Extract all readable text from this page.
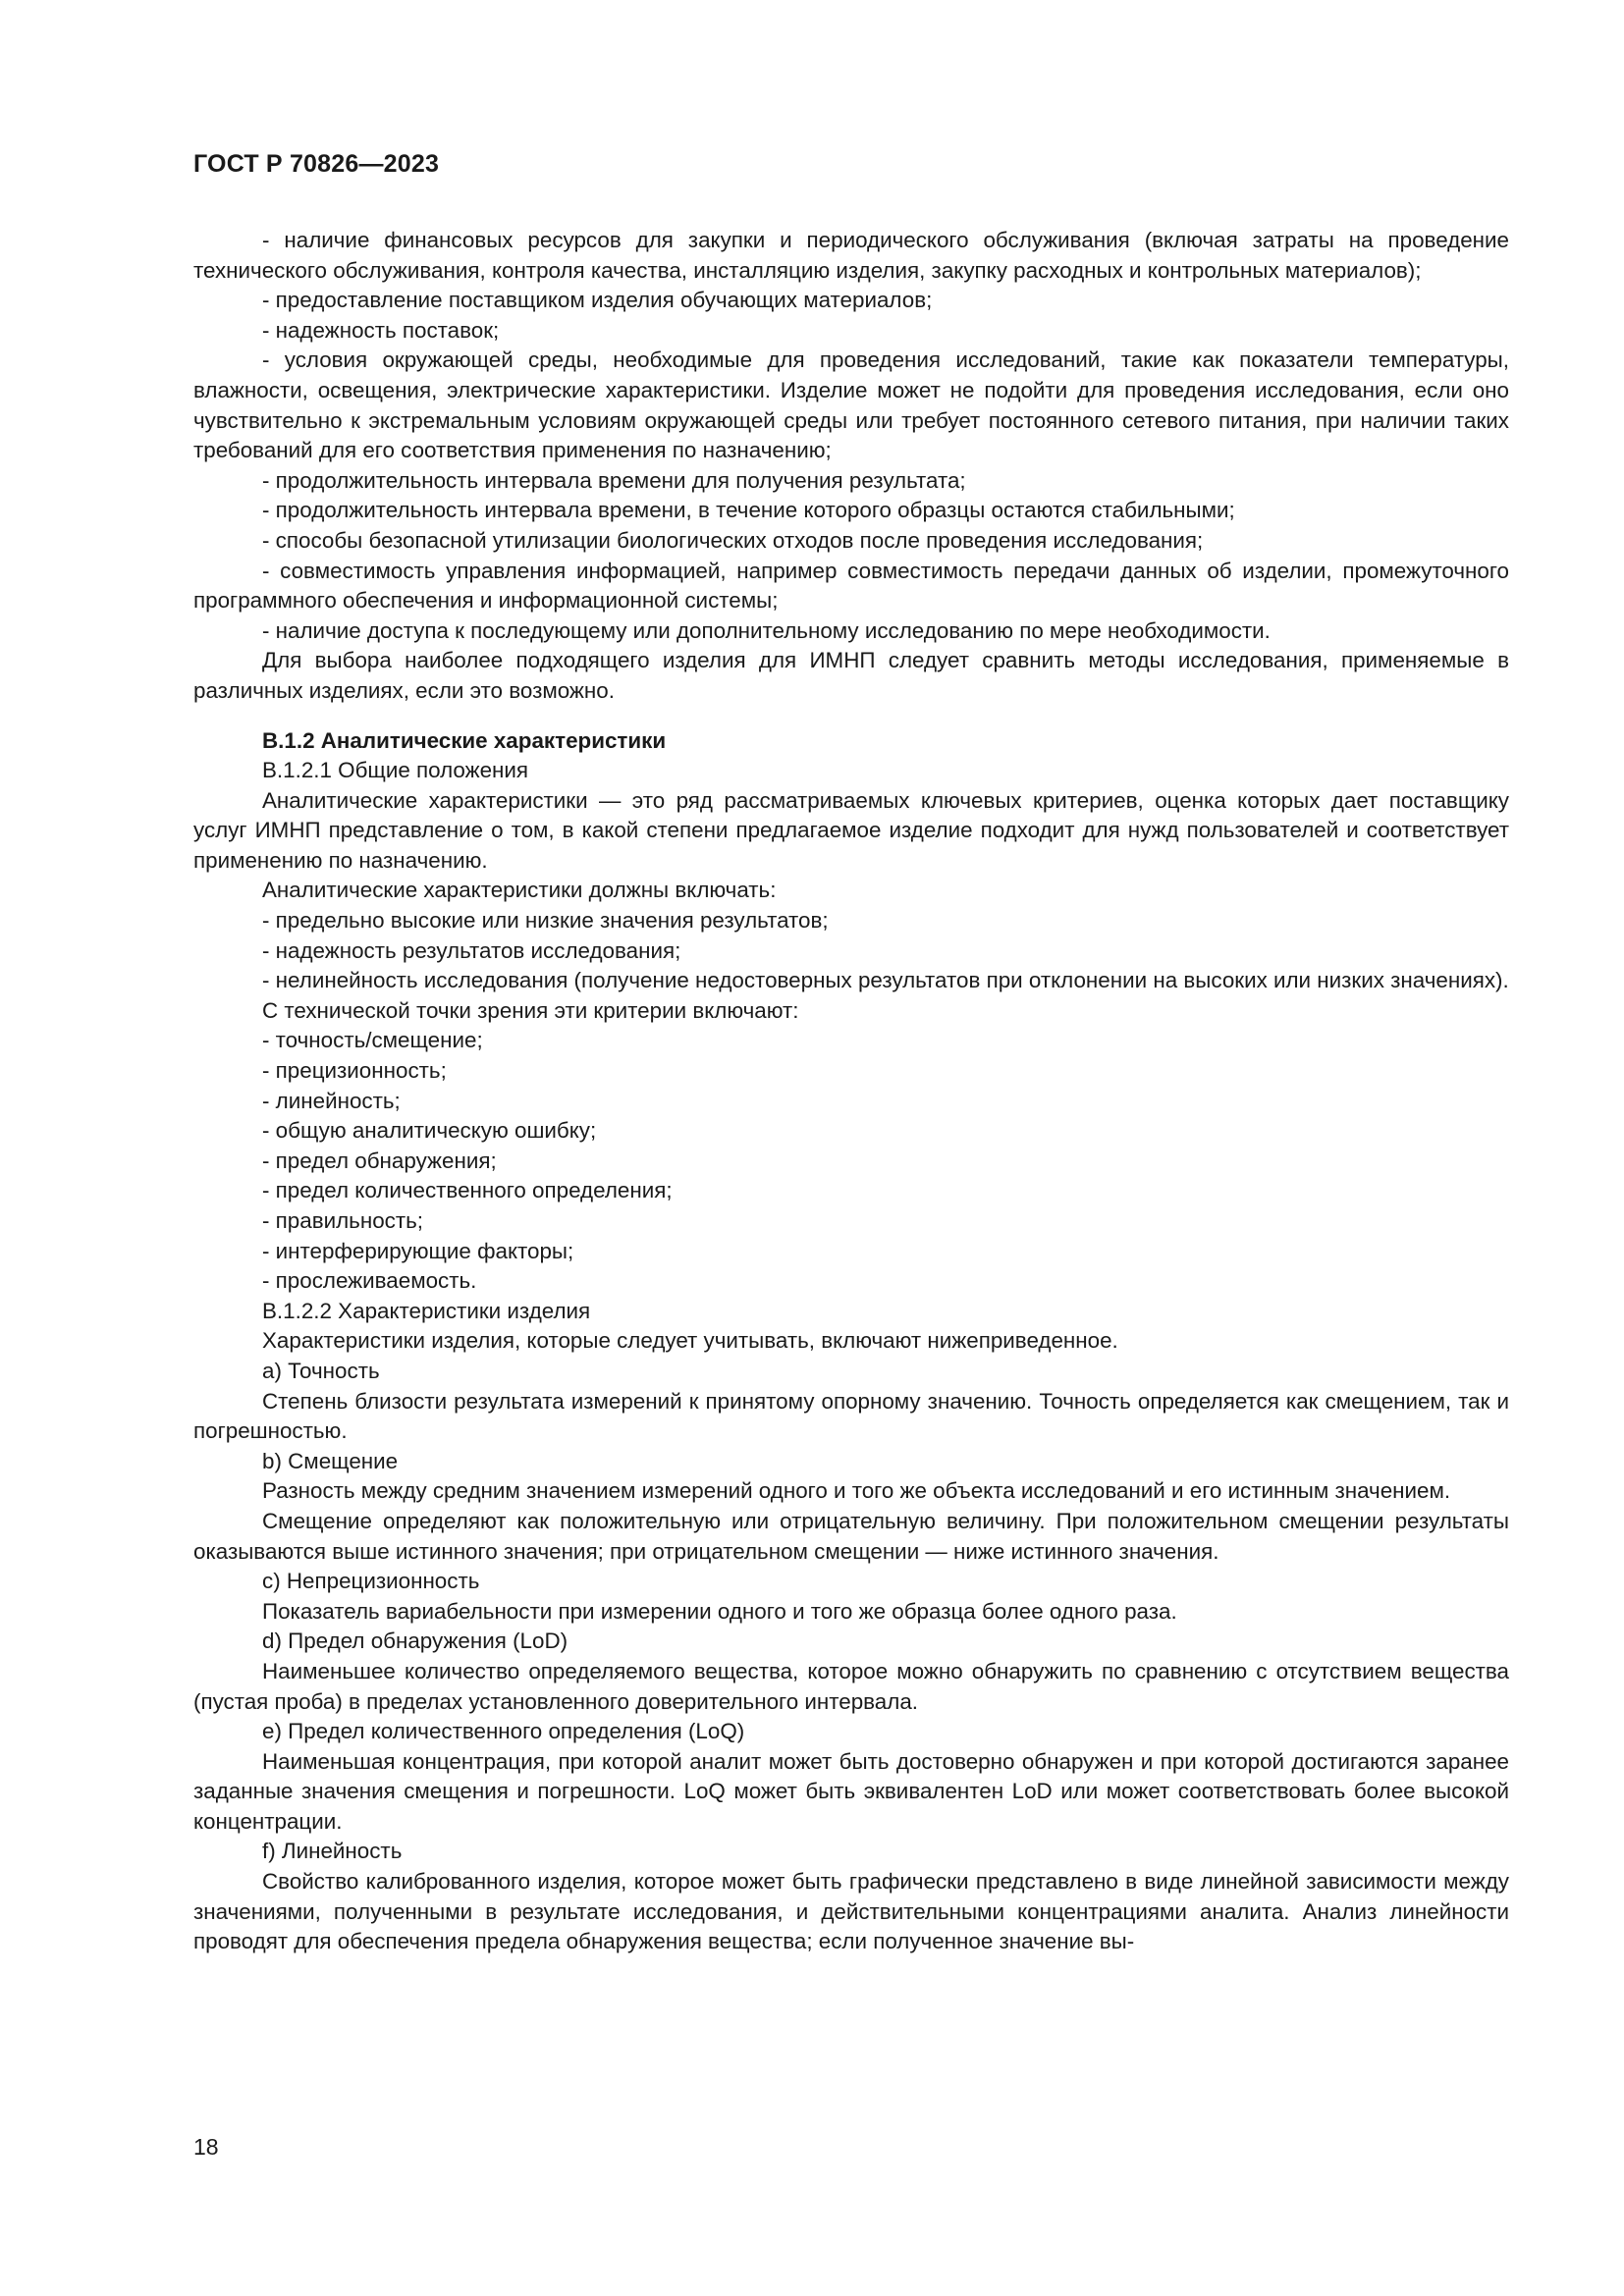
ГОСТ Р 70826—2023

- наличие финансовых ресурсов для закупки и периодического обслуживания (включая затраты на проведение технического обслуживания, контроля качества, инсталляцию изделия, закупку расходных и контрольных материалов);

- предоставление поставщиком изделия обучающих материалов;

- надежность поставок;

- условия окружающей среды, необходимые для проведения исследований, такие как показатели температуры, влажности, освещения, электрические характеристики. Изделие может не подойти для проведения исследования, если оно чувствительно к экстремальным условиям окружающей среды или требует постоянного сетевого питания, при наличии таких требований для его соответствия применения по назначению;

- продолжительность интервала времени для получения результата;

- продолжительность интервала времени, в течение которого образцы остаются стабильными;

- способы безопасной утилизации биологических отходов после проведения исследования;

- совместимость управления информацией, например совместимость передачи данных об изделии, промежуточного программного обеспечения и информационной системы;

- наличие доступа к последующему или дополнительному исследованию по мере необходимости.

Для выбора наиболее подходящего изделия для ИМНП следует сравнить методы исследования, применяемые в различных изделиях, если это возможно.

В.1.2 Аналитические характеристики

В.1.2.1 Общие положения

Аналитические характеристики — это ряд рассматриваемых ключевых критериев, оценка которых дает поставщику услуг ИМНП представление о том, в какой степени предлагаемое изделие подходит для нужд пользователей и соответствует применению по назначению.

Аналитические характеристики должны включать:

- предельно высокие или низкие значения результатов;

- надежность результатов исследования;

- нелинейность исследования (получение недостоверных результатов при отклонении на высоких или низких значениях).

С технической точки зрения эти критерии включают:

- точность/смещение;

- прецизионность;

- линейность;

- общую аналитическую ошибку;

- предел обнаружения;

- предел количественного определения;

- правильность;

- интерферирующие факторы;

- прослеживаемость.

В.1.2.2 Характеристики изделия

Характеристики изделия, которые следует учитывать, включают нижеприведенное.

a) Точность

Степень близости результата измерений к принятому опорному значению. Точность определяется как смещением, так и погрешностью.

b) Смещение

Разность между средним значением измерений одного и того же объекта исследований и его истинным значением.

Смещение определяют как положительную или отрицательную величину. При положительном смещении результаты оказываются выше истинного значения; при отрицательном смещении — ниже истинного значения.

c) Непрецизионность

Показатель вариабельности при измерении одного и того же образца более одного раза.

d) Предел обнаружения (LoD)

Наименьшее количество определяемого вещества, которое можно обнаружить по сравнению с отсутствием вещества (пустая проба) в пределах установленного доверительного интервала.

e) Предел количественного определения (LoQ)

Наименьшая концентрация, при которой аналит может быть достоверно обнаружен и при которой достигаются заранее заданные значения смещения и погрешности. LoQ может быть эквивалентен LoD или может соответствовать более высокой концентрации.

f) Линейность

Свойство калиброванного изделия, которое может быть графически представлено в виде линейной зависимости между значениями, полученными в результате исследования, и действительными концентрациями аналита. Анализ линейности проводят для обеспечения предела обнаружения вещества; если полученное значение вы-

18
